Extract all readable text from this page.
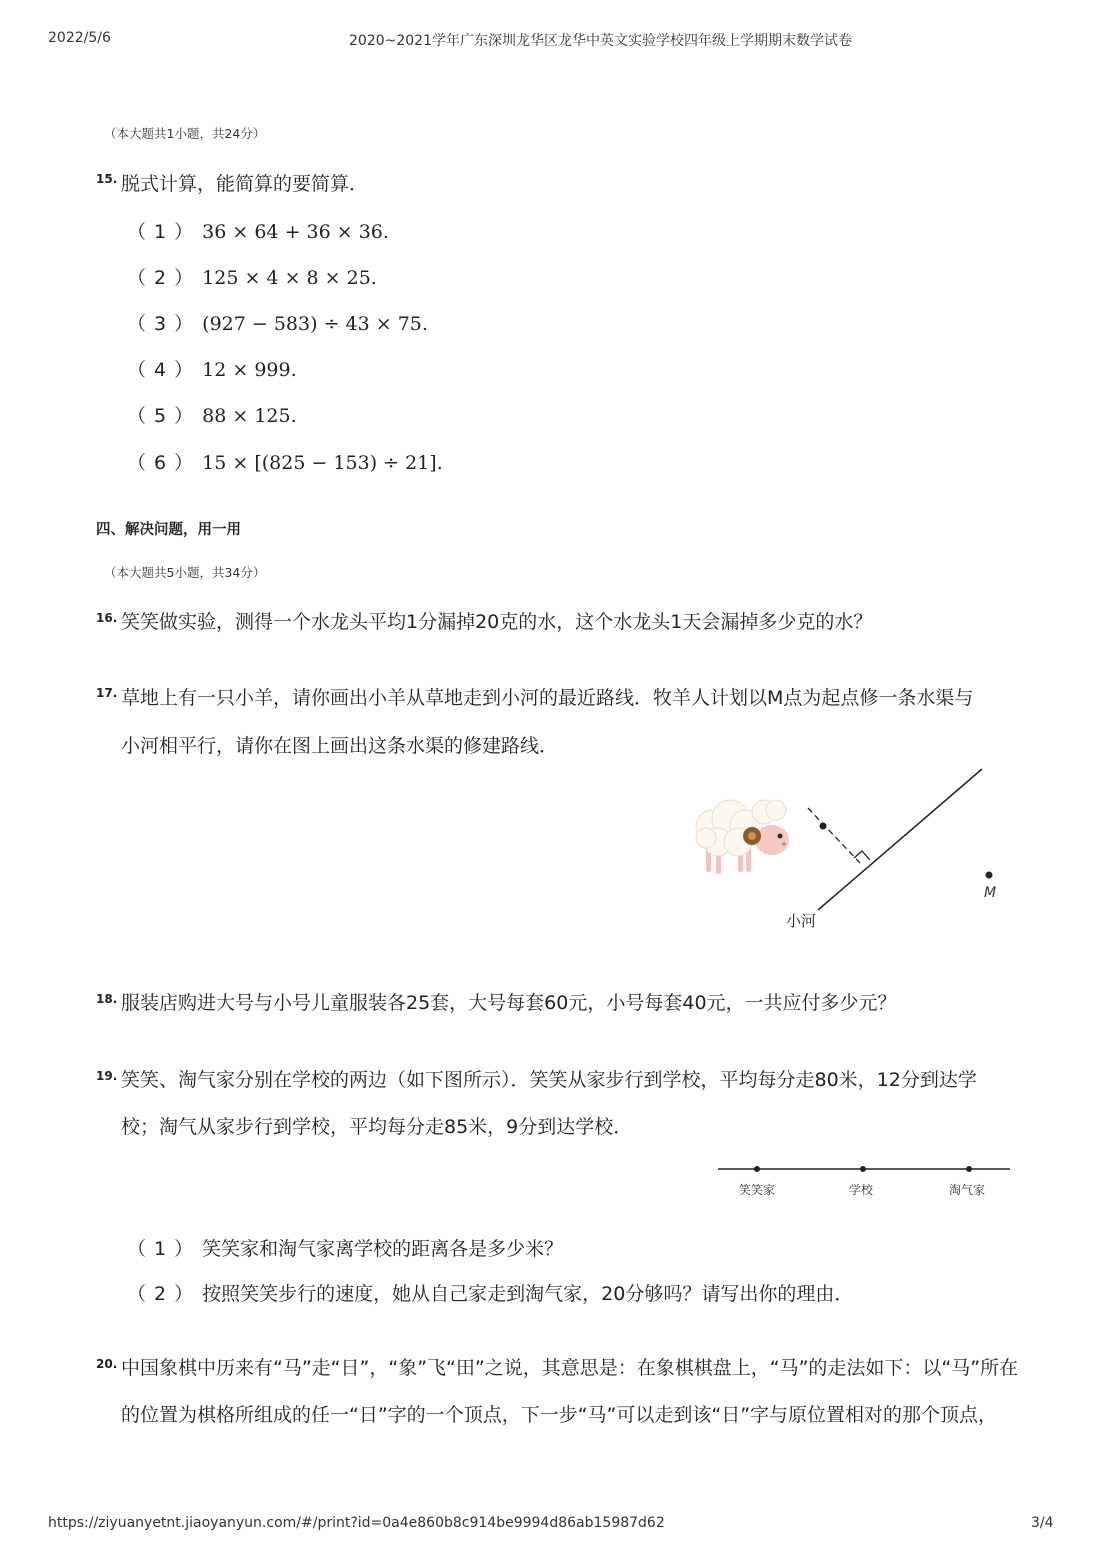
2022/5/6	2020~2021学年广东深圳龙华区龙华中英文实验学校四年级上学期期末数学试卷
（本大题共1小题，共24分）
15. 脱式计算，能简算的要简算．
（ 1 ） 36 × 64 + 36 × 36.
（ 2 ） 125 × 4 × 8 × 25.
（ 3 ） (927 − 583) ÷ 43 × 75.
（ 4 ） 12 × 999.
（ 5 ） 88 × 125.
（ 6 ） 15 × [(825 − 153) ÷ 21].
四、解决问题，用一用
（本大题共5小题，共34分）
16. 笑笑做实验，测得一个水龙头平均1分漏掉20克的水，这个水龙头1天会漏掉多少克的水？
17. 草地上有一只小羊，请你画出小羊从草地走到小河的最近路线．牧羊人计划以M点为起点修一条水渠与
小河相平行，请你在图上画出这条水渠的修建路线．
M
小河
18. 服装店购进大号与小号儿童服装各25套，大号每套60元，小号每套40元，一共应付多少元？
19. 笑笑、淘气家分别在学校的两边（如下图所示）．笑笑从家步行到学校，平均每分走80米，12分到达学
校；淘气从家步行到学校，平均每分走85米，9分到达学校．
笑笑家	学校	淘气家
（ 1 ） 笑笑家和淘气家离学校的距离各是多少米？
（ 2 ） 按照笑笑步行的速度，她从自己家走到淘气家，20分够吗？请写出你的理由．
20. 中国象棋中历来有“马”走“日”，“象”飞“田”之说，其意思是：在象棋棋盘上，“马”的走法如下：以“马”所在
的位置为棋格所组成的任一“日”字的一个顶点，下一步“马”可以走到该“日”字与原位置相对的那个顶点，
https://ziyuanyetnt.jiaoyanyun.com/#/print?id=0a4e860b8c914be9994d86ab15987d62	3/4
